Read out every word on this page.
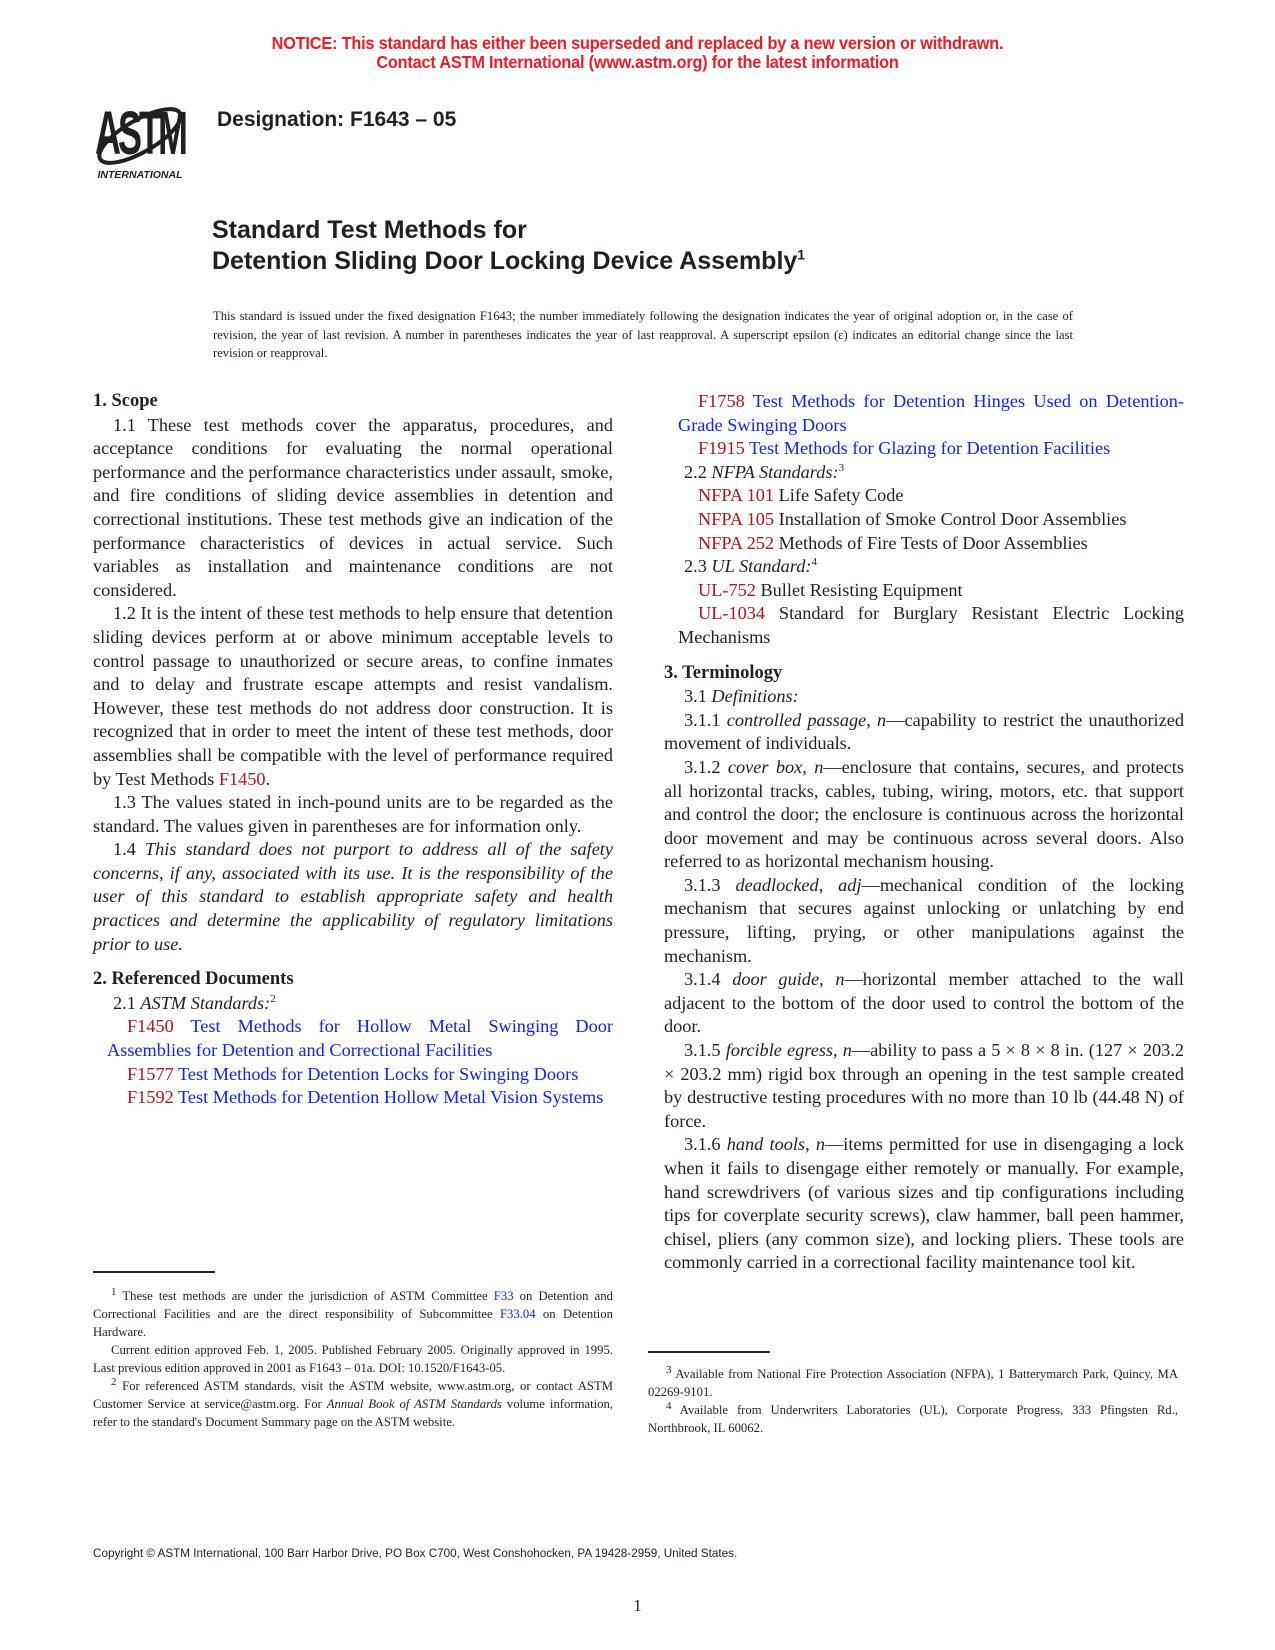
NOTICE: This standard has either been superseded and replaced by a new version or withdrawn.
Contact ASTM International (www.astm.org) for the latest information
ASTM
INTERNATIONAL
Designation: F1643 – 05
Standard Test Methods for
Detention Sliding Door Locking Device Assembly$^1$
This standard is issued under the fixed designation F1643; the number immediately following the designation indicates the year of original adoption or, in the case of revision, the year of last revision. A number in parentheses indicates the year of last reapproval. A superscript epsilon (ε) indicates an editorial change since the last revision or reapproval.
1. Scope

1.1 These test methods cover the apparatus, procedures, and acceptance conditions for evaluating the normal operational performance and the performance characteristics under assault, smoke, and fire conditions of sliding device assemblies in detention and correctional institutions. These test methods give an indication of the performance characteristics of devices in actual service. Such variables as installation and maintenance conditions are not considered.

1.2 It is the intent of these test methods to help ensure that detention sliding devices perform at or above minimum acceptable levels to control passage to unauthorized or secure areas, to confine inmates and to delay and frustrate escape attempts and resist vandalism. However, these test methods do not address door construction. It is recognized that in order to meet the intent of these test methods, door assemblies shall be compatible with the level of performance required by Test Methods F1450.

1.3 The values stated in inch-pound units are to be regarded as the standard. The values given in parentheses are for information only.

1.4 This standard does not purport to address all of the safety concerns, if any, associated with its use. It is the responsibility of the user of this standard to establish appropriate safety and health practices and determine the applicability of regulatory limitations prior to use.

2. Referenced Documents

2.1 ASTM Standards:$^2$

F1450 Test Methods for Hollow Metal Swinging Door Assemblies for Detention and Correctional Facilities

F1577 Test Methods for Detention Locks for Swinging Doors

F1592 Test Methods for Detention Hollow Metal Vision Systems

$^1$ These test methods are under the jurisdiction of ASTM Committee F33 on Detention and Correctional Facilities and are the direct responsibility of Subcommittee F33.04 on Detention Hardware.

Current edition approved Feb. 1, 2005. Published February 2005. Originally approved in 1995. Last previous edition approved in 2001 as F1643 – 01a. DOI: 10.1520/F1643-05.

$^2$ For referenced ASTM standards, visit the ASTM website, www.astm.org, or contact ASTM Customer Service at service@astm.org. For Annual Book of ASTM Standards volume information, refer to the standard's Document Summary page on the ASTM website.

F1758 Test Methods for Detention Hinges Used on Detention-Grade Swinging Doors

F1915 Test Methods for Glazing for Detention Facilities

2.2 NFPA Standards:$^3$

NFPA 101 Life Safety Code

NFPA 105 Installation of Smoke Control Door Assemblies

NFPA 252 Methods of Fire Tests of Door Assemblies

2.3 UL Standard:$^4$

UL-752 Bullet Resisting Equipment

UL-1034 Standard for Burglary Resistant Electric Locking Mechanisms

3. Terminology

3.1 Definitions:

3.1.1 controlled passage, n—capability to restrict the unauthorized movement of individuals.

3.1.2 cover box, n—enclosure that contains, secures, and protects all horizontal tracks, cables, tubing, wiring, motors, etc. that support and control the door; the enclosure is continuous across the horizontal door movement and may be continuous across several doors. Also referred to as horizontal mechanism housing.

3.1.3 deadlocked, adj—mechanical condition of the locking mechanism that secures against unlocking or unlatching by end pressure, lifting, prying, or other manipulations against the mechanism.

3.1.4 door guide, n—horizontal member attached to the wall adjacent to the bottom of the door used to control the bottom of the door.

3.1.5 forcible egress, n—ability to pass a 5 × 8 × 8 in. (127 × 203.2 × 203.2 mm) rigid box through an opening in the test sample created by destructive testing procedures with no more than 10 lb (44.48 N) of force.

3.1.6 hand tools, n—items permitted for use in disengaging a lock when it fails to disengage either remotely or manually. For example, hand screwdrivers (of various sizes and tip configurations including tips for coverplate security screws), claw hammer, ball peen hammer, chisel, pliers (any common size), and locking pliers. These tools are commonly carried in a correctional facility maintenance tool kit.

$^3$ Available from National Fire Protection Association (NFPA), 1 Batterymarch Park, Quincy, MA 02269-9101.

$^4$ Available from Underwriters Laboratories (UL), Corporate Progress, 333 Pfingsten Rd., Northbrook, IL 60062.

Copyright © ASTM International, 100 Barr Harbor Drive, PO Box C700, West Conshohocken, PA 19428-2959, United States.
1
